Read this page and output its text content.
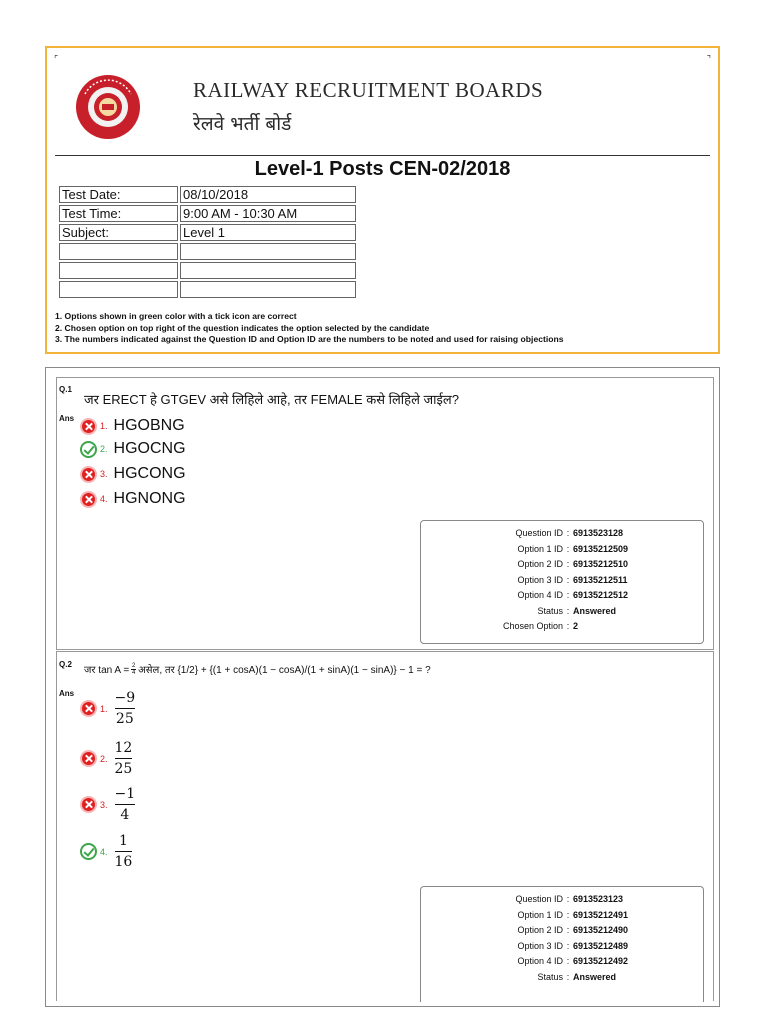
⌜	⌝
RAILWAY RECRUITMENT BOARDS
रेलवे भर्ती बोर्ड
Level-1 Posts CEN-02/2018
Test Date:	08/10/2018
Test Time:	9:00 AM - 10:30 AM
Subject:	Level 1

1. Options shown in green color with a tick icon are correct
2. Chosen option on top right of the question indicates the option selected by the candidate
3. The numbers indicated against the Question ID and Option ID are the numbers to be noted and used for raising objections
Q.1
जर ERECT हे GTGEV असे लिहिले आहे, तर FEMALE कसे लिहिले जाईल?
Ans
1. HGOBNG
2. HGOCNG
3. HGCONG
4. HGNONG
Question ID : 6913523128
Option 1 ID : 69135212509
Option 2 ID : 69135212510
Option 3 ID : 69135212511
Option 4 ID : 69135212512
Status : Answered
Chosen Option : 2
Q.2
जर tan A = 2
4 असेल, तर {1/2} + {(1 + cosA)(1 − cosA)/(1 + sinA)(1 − sinA)} − 1 = ?
Ans
1. $\frac{-9}{25}$
2. $\frac{12}{25}$
3. $\frac{-1}{4}$
4. $\frac{1}{16}$
Question ID : 6913523123
Option 1 ID : 69135212491
Option 2 ID : 69135212490
Option 3 ID : 69135212489
Option 4 ID : 69135212492
Status : Answered
